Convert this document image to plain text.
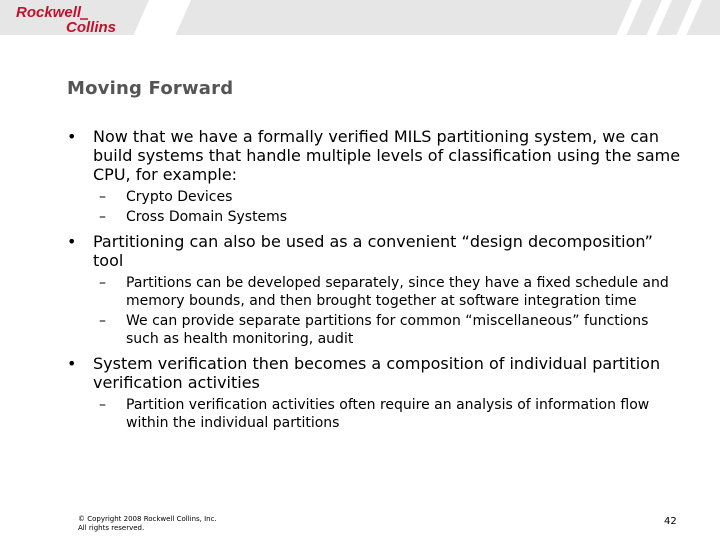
Rockwell
Collins
Moving Forward
• Now that we have a formally verified MILS partitioning system, we can build systems that handle multiple levels of classification using the same CPU, for example:
– Crypto Devices
– Cross Domain Systems
• Partitioning can also be used as a convenient “design decomposition” tool
– Partitions can be developed separately, since they have a fixed schedule and memory bounds, and then brought together at software integration time
– We can provide separate partitions for common “miscellaneous” functions such as health monitoring, audit
• System verification then becomes a composition of individual partition verification activities
– Partition verification activities often require an analysis of information flow within the individual partitions
© Copyright 2008 Rockwell Collins, Inc.
All rights reserved.
42
